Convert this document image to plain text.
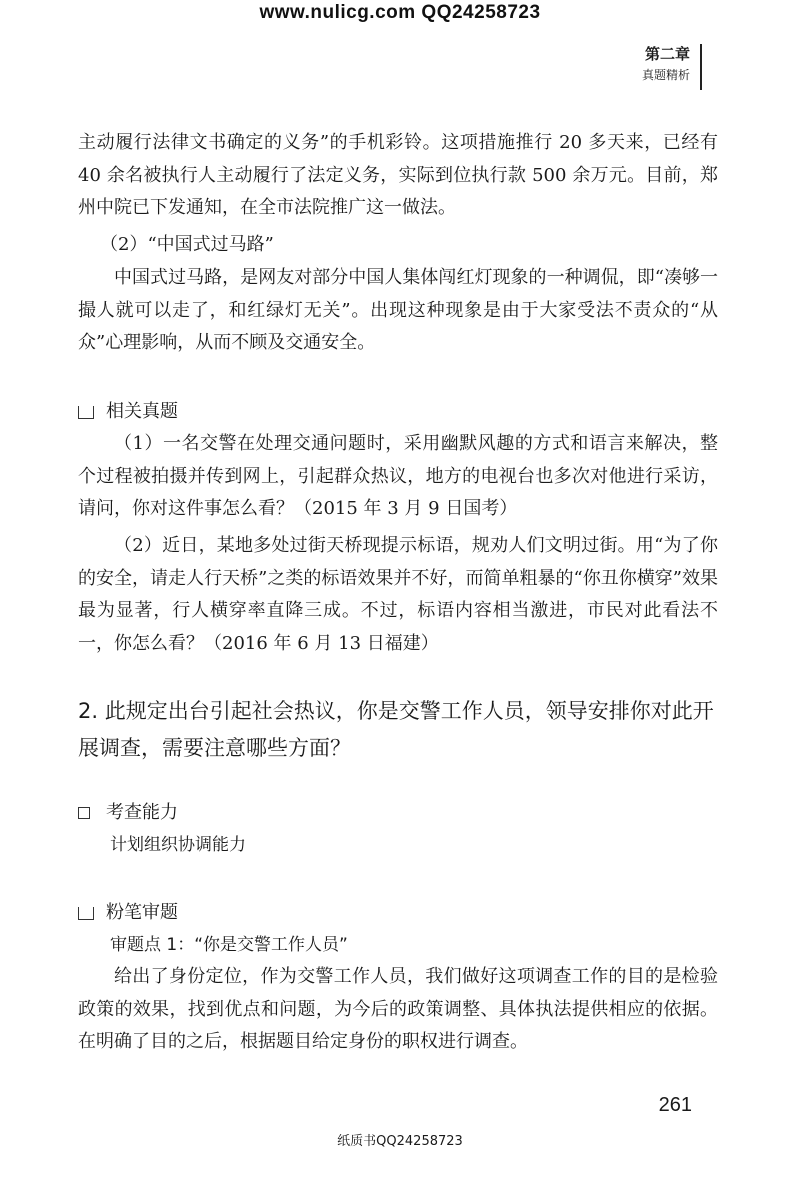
www.nulicg.com QQ24258723
第二章
真题精析
主动履行法律文书确定的义务”的手机彩铃。这项措施推行 20 多天来，已经有 40 余名被执行人主动履行了法定义务，实际到位执行款 500 余万元。目前，郑州中院已下发通知，在全市法院推广这一做法。
（2）“中国式过马路”
中国式过马路，是网友对部分中国人集体闯红灯现象的一种调侃，即“凑够一撮人就可以走了，和红绿灯无关”。出现这种现象是由于大家受法不责众的“从众”心理影响，从而不顾及交通安全。
相关真题
（1）一名交警在处理交通问题时，采用幽默风趣的方式和语言来解决，整个过程被拍摄并传到网上，引起群众热议，地方的电视台也多次对他进行采访，请问，你对这件事怎么看？（2015 年 3 月 9 日国考）
（2）近日，某地多处过街天桥现提示标语，规劝人们文明过街。用“为了你的安全，请走人行天桥”之类的标语效果并不好，而简单粗暴的“你丑你横穿”效果最为显著，行人横穿率直降三成。不过，标语内容相当激进，市民对此看法不一，你怎么看？（2016 年 6 月 13 日福建）
2. 此规定出台引起社会热议，你是交警工作人员，领导安排你对此开展调查，需要注意哪些方面？
考查能力
计划组织协调能力
粉笔审题
审题点 1：“你是交警工作人员”
给出了身份定位，作为交警工作人员，我们做好这项调查工作的目的是检验政策的效果，找到优点和问题，为今后的政策调整、具体执法提供相应的依据。在明确了目的之后，根据题目给定身份的职权进行调查。
261
纸质书QQ24258723
